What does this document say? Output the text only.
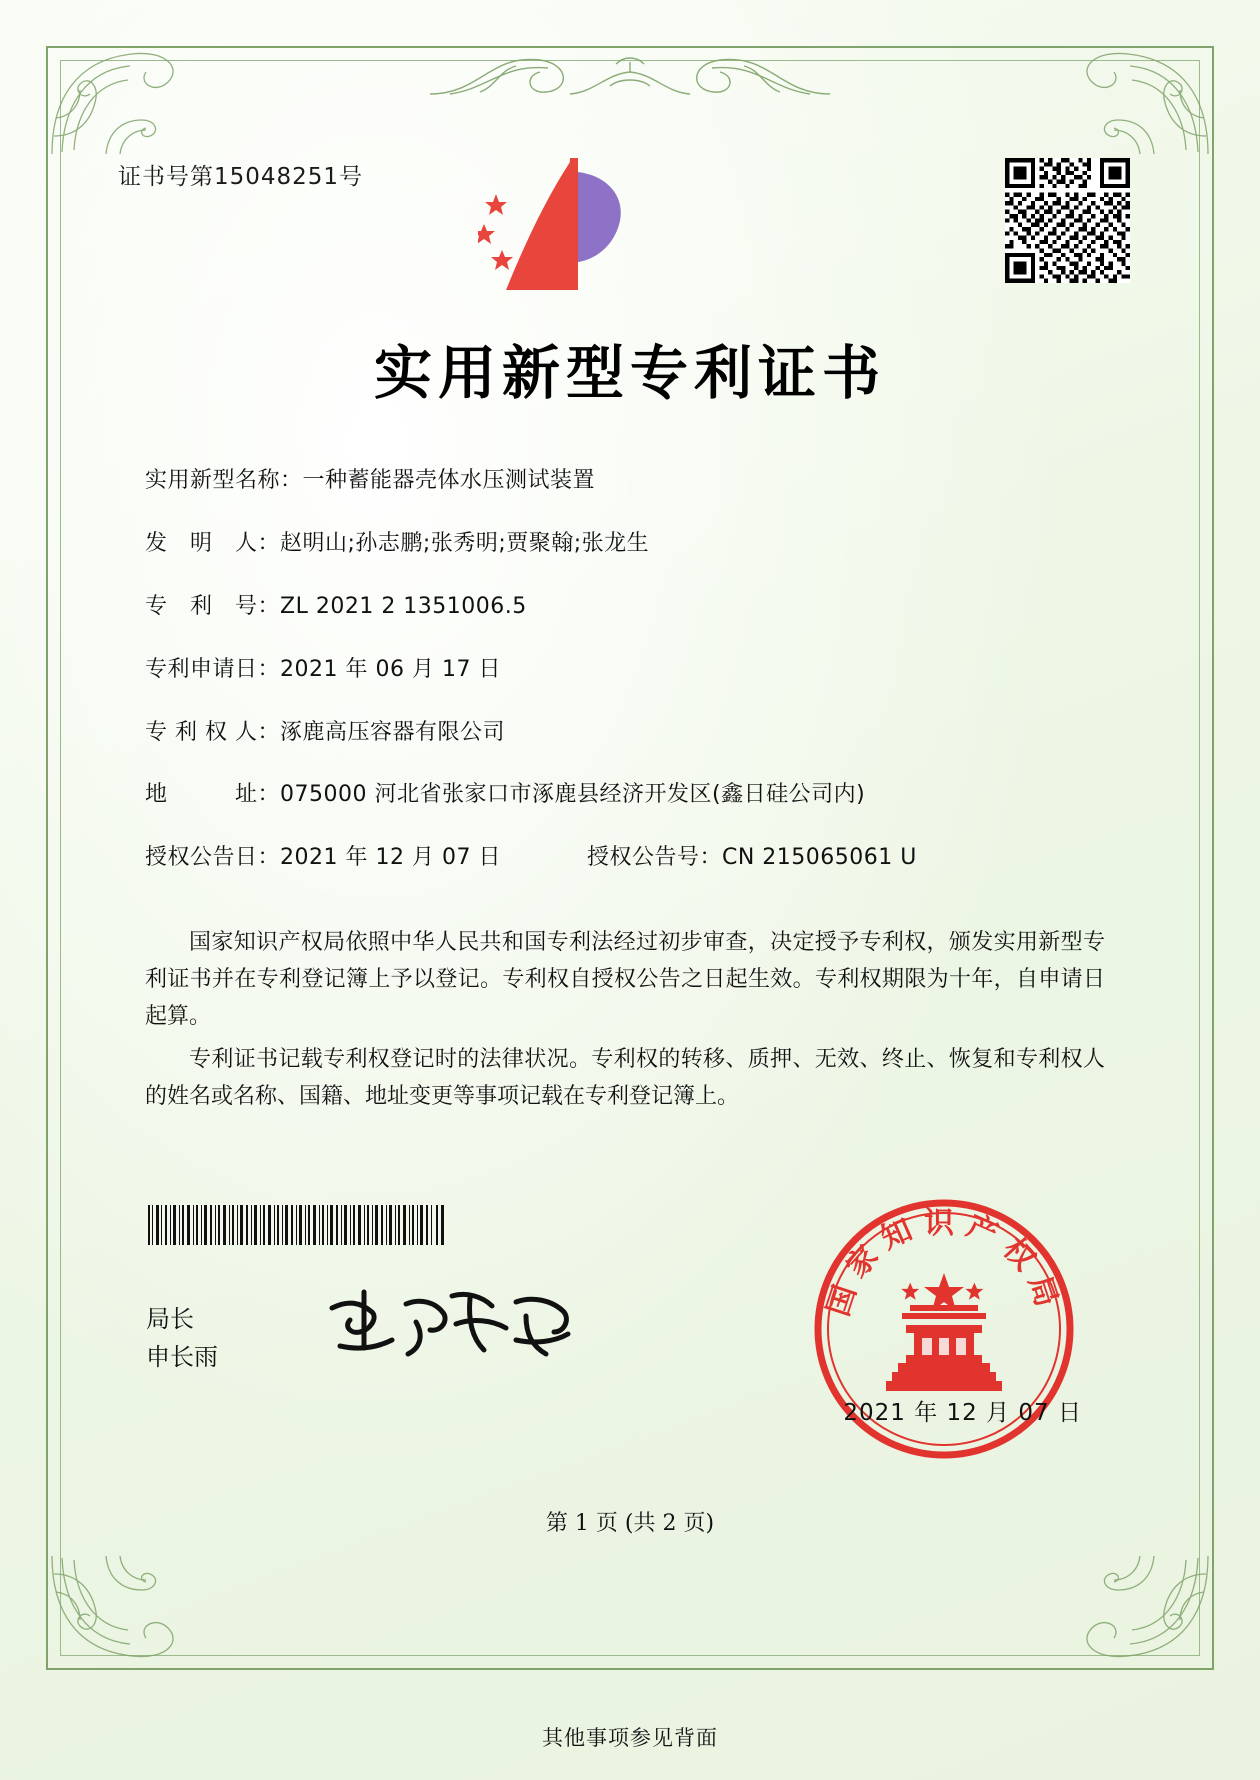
证书号第15048251号
实用新型专利证书
实用新型名称： 一种蓄能器壳体水压测试装置
发　明　人： 赵明山;孙志鹏;张秀明;贾聚翰;张龙生
专　利　号： ZL 2021 2 1351006.5
专利申请日： 2021 年 06 月 17 日
专 利 权 人： 涿鹿高压容器有限公司
地　　　址： 075000 河北省张家口市涿鹿县经济开发区(鑫日硅公司内)
授权公告日： 2021 年 12 月 07 日	授权公告号： CN 215065061 U

国家知识产权局依照中华人民共和国专利法经过初步审查，决定授予专利权，颁发实用新型专利证书并在专利登记簿上予以登记。专利权自授权公告之日起生效。专利权期限为十年，自申请日起算。

专利证书记载专利权登记时的法律状况。专利权的转移、质押、无效、终止、恢复和专利权人的姓名或名称、国籍、地址变更等事项记载在专利登记簿上。

局长
申长雨
国家知识产权局
2021 年 12 月 07 日
第 1 页 (共 2 页)
其他事项参见背面
